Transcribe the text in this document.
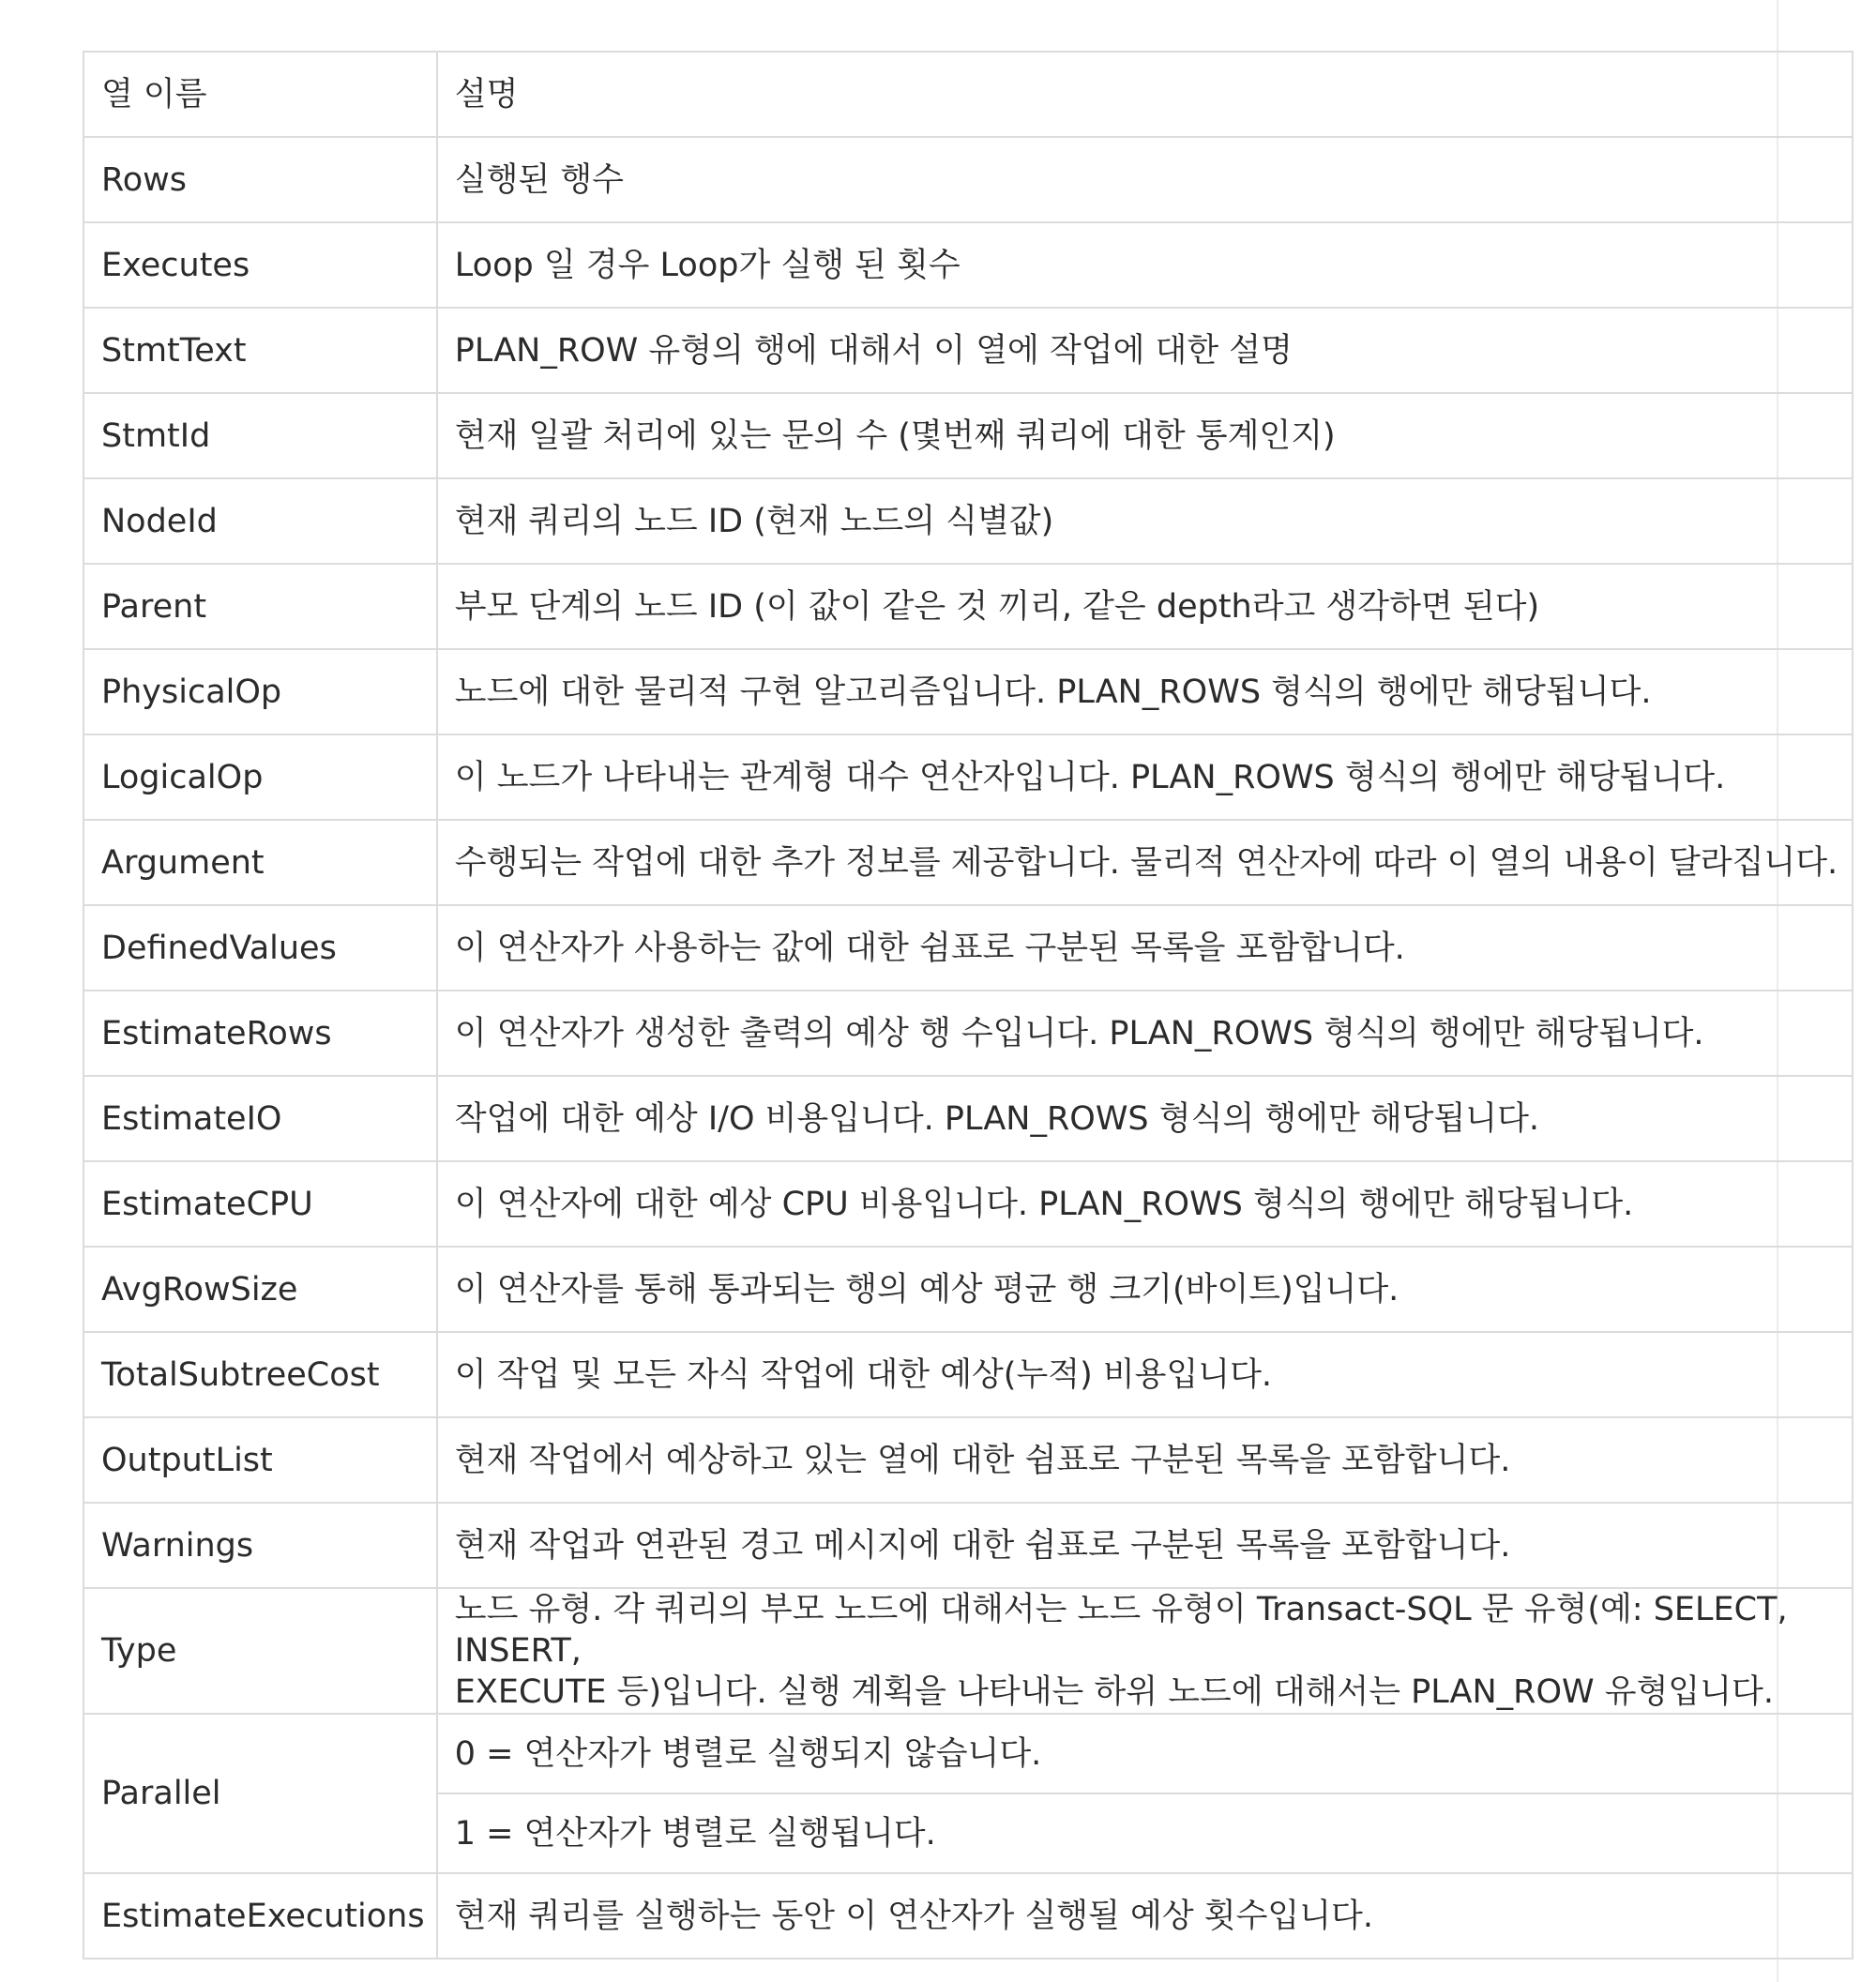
열 이름	설명
Rows	실행된 행수
Executes	Loop 일 경우 Loop가 실행 된 횟수
StmtText	PLAN_ROW 유형의 행에 대해서 이 열에 작업에 대한 설명
StmtId	현재 일괄 처리에 있는 문의 수 (몇번째 쿼리에 대한 통계인지)
NodeId	현재 쿼리의 노드 ID (현재 노드의 식별값)
Parent	부모 단계의 노드 ID (이 값이 같은 것 끼리, 같은 depth라고 생각하면 된다)
PhysicalOp	노드에 대한 물리적 구현 알고리즘입니다. PLAN_ROWS 형식의 행에만 해당됩니다.
LogicalOp	이 노드가 나타내는 관계형 대수 연산자입니다. PLAN_ROWS 형식의 행에만 해당됩니다.
Argument	수행되는 작업에 대한 추가 정보를 제공합니다. 물리적 연산자에 따라 이 열의 내용이 달라집니다.
DefinedValues	이 연산자가 사용하는 값에 대한 쉼표로 구분된 목록을 포함합니다.
EstimateRows	이 연산자가 생성한 출력의 예상 행 수입니다. PLAN_ROWS 형식의 행에만 해당됩니다.
EstimateIO	작업에 대한 예상 I/O 비용입니다. PLAN_ROWS 형식의 행에만 해당됩니다.
EstimateCPU	이 연산자에 대한 예상 CPU 비용입니다. PLAN_ROWS 형식의 행에만 해당됩니다.
AvgRowSize	이 연산자를 통해 통과되는 행의 예상 평균 행 크기(바이트)입니다.
TotalSubtreeCost	이 작업 및 모든 자식 작업에 대한 예상(누적) 비용입니다.
OutputList	현재 작업에서 예상하고 있는 열에 대한 쉼표로 구분된 목록을 포함합니다.
Warnings	현재 작업과 연관된 경고 메시지에 대한 쉼표로 구분된 목록을 포함합니다.
Type	노드 유형. 각 쿼리의 부모 노드에 대해서는 노드 유형이 Transact-SQL 문 유형(예: SELECT, INSERT,
EXECUTE 등)입니다. 실행 계획을 나타내는 하위 노드에 대해서는 PLAN_ROW 유형입니다.
Parallel	0 = 연산자가 병렬로 실행되지 않습니다.
	1 = 연산자가 병렬로 실행됩니다.
EstimateExecutions	현재 쿼리를 실행하는 동안 이 연산자가 실행될 예상 횟수입니다.
